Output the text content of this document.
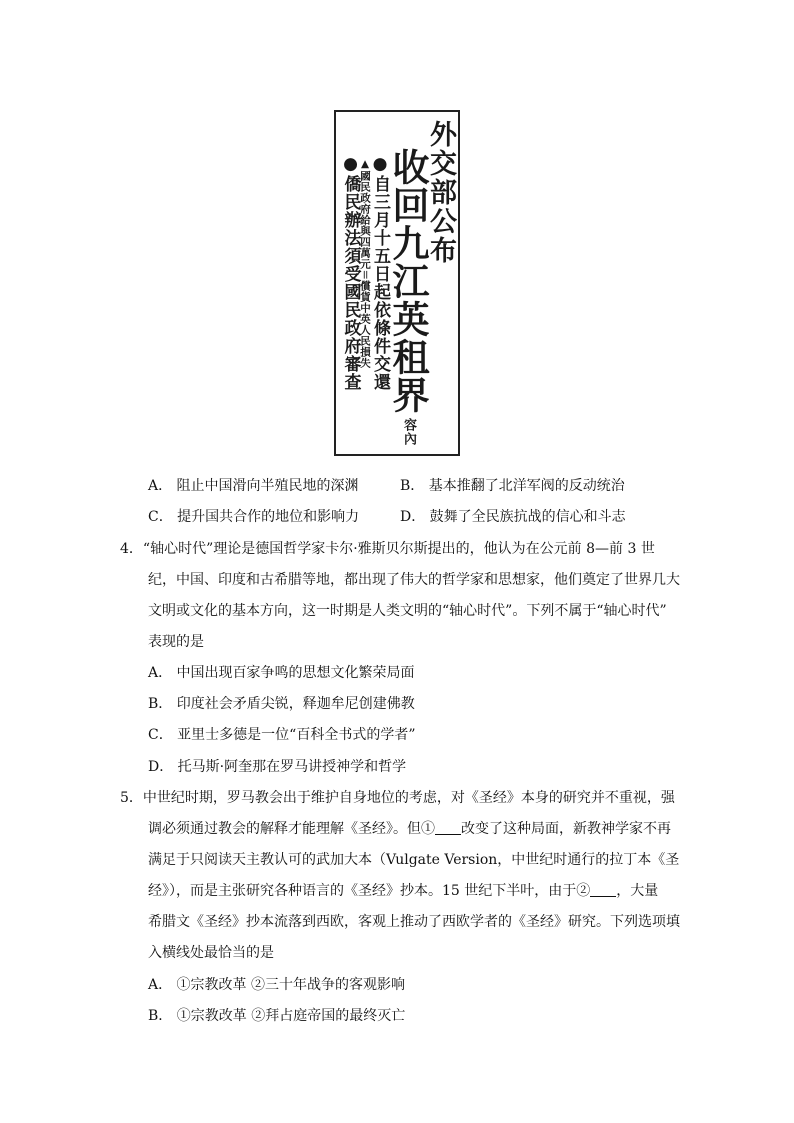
外交部公布
收回九江英租界容內
●自三月十五日起依條件交還
▲國民政府給與四萬元＝償貨中英人民損失
●僑民辦法須受國民政府審查
A． 阻止中国滑向半殖民地的深渊	B． 基本推翻了北洋军阀的反动统治
C． 提升国共合作的地位和影响力	D． 鼓舞了全民族抗战的信心和斗志
4．“轴心时代”理论是德国哲学家卡尔·雅斯贝尔斯提出的，他认为在公元前 8—前 3 世
纪，中国、印度和古希腊等地，都出现了伟大的哲学家和思想家，他们奠定了世界几大
文明或文化的基本方向，这一时期是人类文明的“轴心时代”。下列不属于“轴心时代”
表现的是
A． 中国出现百家争鸣的思想文化繁荣局面
B． 印度社会矛盾尖锐，释迦牟尼创建佛教
C． 亚里士多德是一位“百科全书式的学者”
D． 托马斯·阿奎那在罗马讲授神学和哲学
5．中世纪时期，罗马教会出于维护自身地位的考虑，对《圣经》本身的研究并不重视，强
调必须通过教会的解释才能理解《圣经》。但① 改变了这种局面，新教神学家不再
满足于只阅读天主教认可的武加大本（Vulgate Version，中世纪时通行的拉丁本《圣
经》），而是主张研究各种语言的《圣经》抄本。15 世纪下半叶，由于② ，大量
希腊文《圣经》抄本流落到西欧，客观上推动了西欧学者的《圣经》研究。下列选项填
入横线处最恰当的是
A． ①宗教改革 ②三十年战争的客观影响
B． ①宗教改革 ②拜占庭帝国的最终灭亡
